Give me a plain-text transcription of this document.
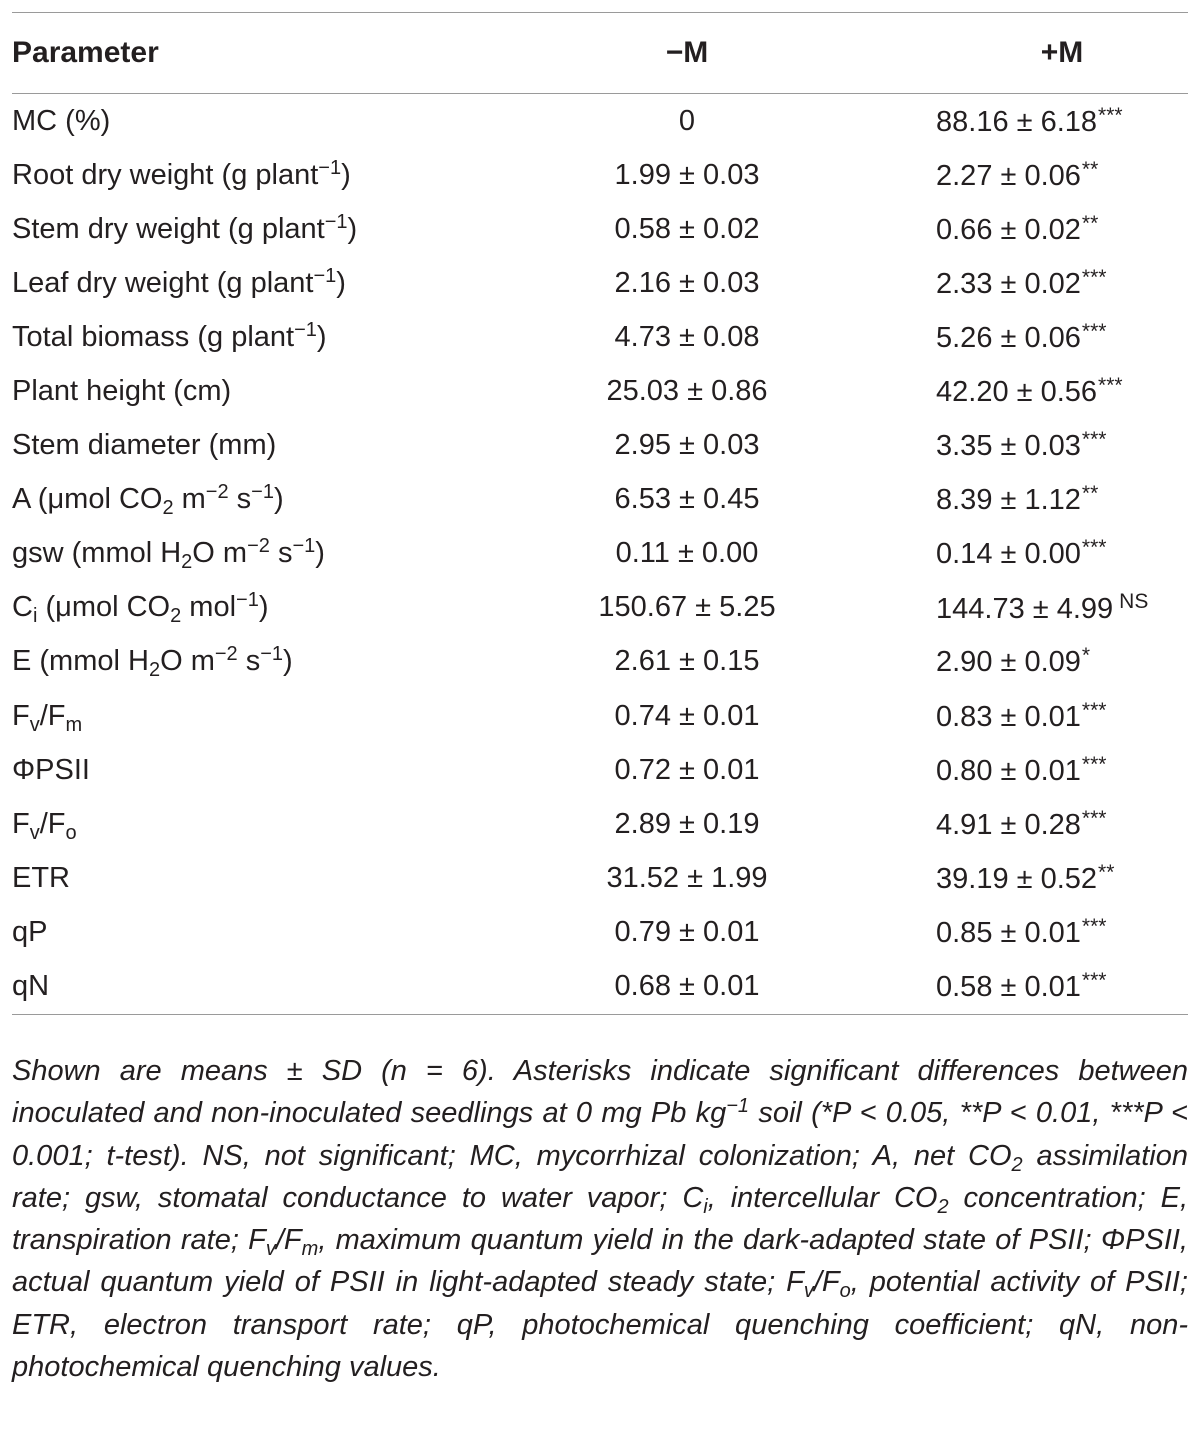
Parameter	−M	+M
MC (%)	0	88.16 ± 6.18***
Root dry weight (g plant$^{-1}$)	1.99 ± 0.03	2.27 ± 0.06**
Stem dry weight (g plant$^{-1}$)	0.58 ± 0.02	0.66 ± 0.02**
Leaf dry weight (g plant$^{-1}$)	2.16 ± 0.03	2.33 ± 0.02***
Total biomass (g plant$^{-1}$)	4.73 ± 0.08	5.26 ± 0.06***
Plant height (cm)	25.03 ± 0.86	42.20 ± 0.56***
Stem diameter (mm)	2.95 ± 0.03	3.35 ± 0.03***
A (μmol $CO_2$ $m^{-2}$ $s^{-1}$)	6.53 ± 0.45	8.39 ± 1.12**
gsw (mmol $H_2O$ $m^{-2}$ $s^{-1}$)	0.11 ± 0.00	0.14 ± 0.00***
$C_i$ (μmol $CO_2$ mol$^{-1}$)	150.67 ± 5.25	144.73 ± 4.99 $^{NS}$
E (mmol $H_2O$ $m^{-2}$ $s^{-1}$)	2.61 ± 0.15	2.90 ± 0.09*
$F_v/F_m$	0.74 ± 0.01	0.83 ± 0.01***
ΦPSII	0.72 ± 0.01	0.80 ± 0.01***
$F_v/F_o$	2.89 ± 0.19	4.91 ± 0.28***
ETR	31.52 ± 1.99	39.19 ± 0.52**
qP	0.79 ± 0.01	0.85 ± 0.01***
qN	0.68 ± 0.01	0.58 ± 0.01***
Shown are means ± SD (n = 6). Asterisks indicate significant differences between inoculated and non-inoculated seedlings at 0 mg Pb $kg^{-1}$ soil (*P < 0.05, **P < 0.01, ***P < 0.001; t-test). NS, not significant; MC, mycorrhizal colonization; A, net $CO_2$ assimilation rate; gsw, stomatal conductance to water vapor; $C_i$, intercellular $CO_2$ concentration; E, transpiration rate; $F_v/F_m$, maximum quantum yield in the dark-adapted state of PSII; ΦPSII, actual quantum yield of PSII in light-adapted steady state; $F_v/F_o$, potential activity of PSII; ETR, electron transport rate; qP, photochemical quenching coefficient; qN, non-photochemical quenching values.
